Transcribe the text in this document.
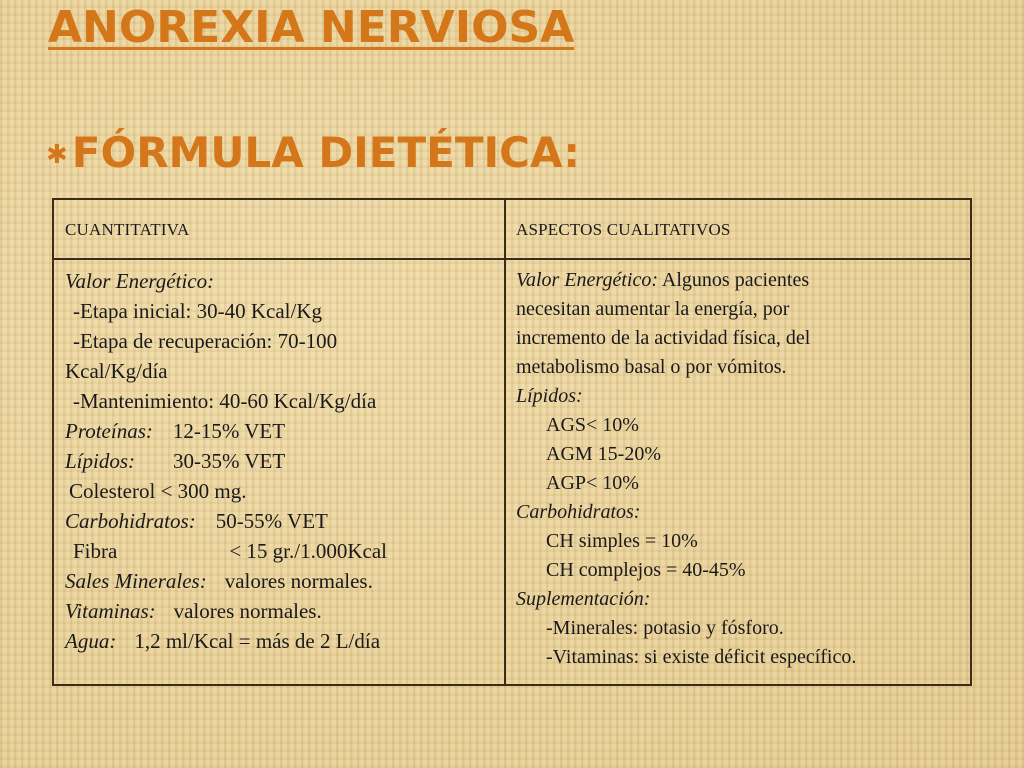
ANOREXIA NERVIOSA
✱ FÓRMULA DIETÉTICA:
CUANTITATIVA	ASPECTOS CUALITATIVOS
Valor Energético:
-Etapa inicial: 30-40 Kcal/Kg
-Etapa de recuperación: 70-100
Kcal/Kg/día
-Mantenimiento: 40-60 Kcal/Kg/día
Proteínas: 12-15% VET
Lípidos: 30-35% VET
Colesterol < 300 mg.
Carbohidratos: 50-55% VET
Fibra	< 15 gr./1.000Kcal
Sales Minerales: valores normales.
Vitaminas: valores normales.
Agua: 1,2 ml/Kcal = más de 2 L/día
Valor Energético: Algunos pacientes
necesitan aumentar la energía, por
incremento de la actividad física, del
metabolismo basal o por vómitos.
Lípidos:
AGS< 10%
AGM 15-20%
AGP< 10%
Carbohidratos:
CH simples = 10%
CH complejos = 40-45%
Suplementación:
-Minerales: potasio y fósforo.
-Vitaminas: si existe déficit específico.
